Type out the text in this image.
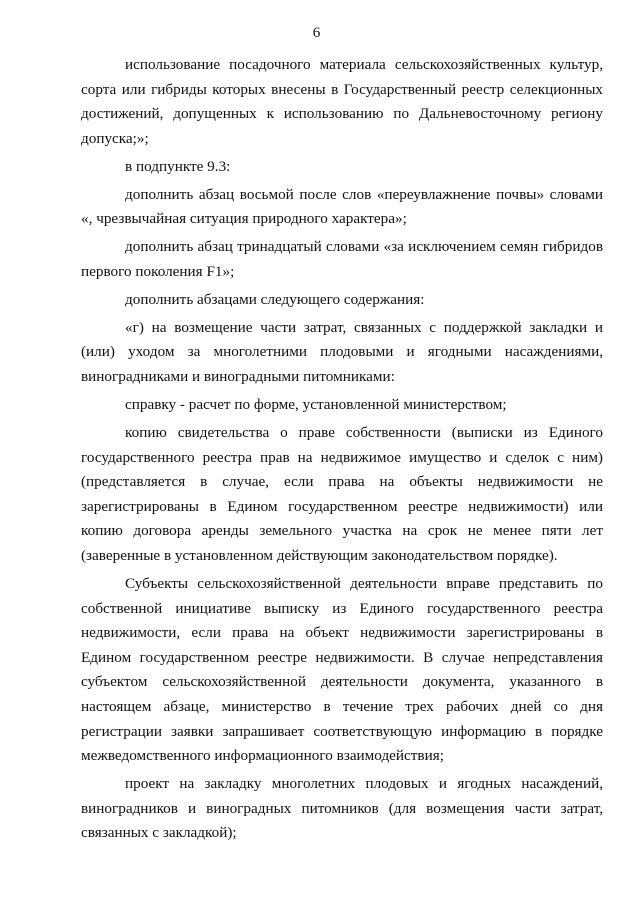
6

использование посадочного материала сельскохозяйственных культур, сорта или гибриды которых внесены в Государственный реестр селекционных достижений, допущенных к использованию по Дальневосточному региону допуска;»;

в подпункте 9.3:

дополнить абзац восьмой после слов «переувлажнение почвы» словами «, чрезвычайная ситуация природного характера»;

дополнить абзац тринадцатый словами «за исключением семян гибридов первого поколения F1»;

дополнить абзацами следующего содержания:

«г) на возмещение части затрат, связанных с поддержкой закладки и (или) уходом за многолетними плодовыми и ягодными насаждениями, виноградниками и виноградными питомниками:

справку - расчет по форме, установленной министерством;

копию свидетельства о праве собственности (выписки из Единого государственного реестра прав на недвижимое имущество и сделок с ним) (представляется в случае, если права на объекты недвижимости не зарегистрированы в Едином государственном реестре недвижимости) или копию договора аренды земельного участка на срок не менее пяти лет (заверенные в установленном действующим законодательством порядке).

Субъекты сельскохозяйственной деятельности вправе представить по собственной инициативе выписку из Единого государственного реестра недвижимости, если права на объект недвижимости зарегистрированы в Едином государственном реестре недвижимости. В случае непредставления субъектом сельскохозяйственной деятельности документа, указанного в настоящем абзаце, министерство в течение трех рабочих дней со дня регистрации заявки запрашивает соответствующую информацию в порядке межведомственного информационного взаимодействия;

проект на закладку многолетних плодовых и ягодных насаждений, виноградников и виноградных питомников (для возмещения части затрат, связанных с закладкой);
